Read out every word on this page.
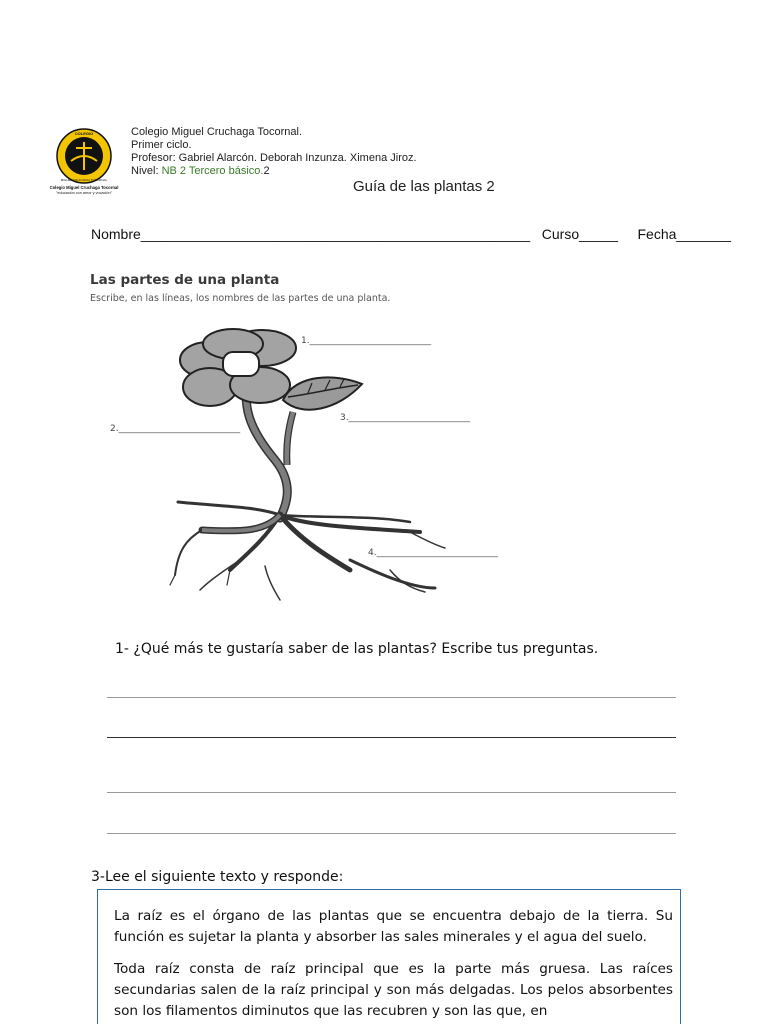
COLEGIO
MIGUEL CRUCHAGA TOCORNAL
Colegio Miguel Cruchaga Tocornal
"educación con amor y vocación"
Colegio Miguel Cruchaga Tocornal.
Primer ciclo.
Profesor: Gabriel Alarcón. Deborah Inzunza. Ximena Jiroz.
Nivel: NB 2 Tercero básico.2
Guía de las plantas 2
Nombre__________________________________________________   Curso_____     Fecha_______
Las partes de una planta
Escribe, en las líneas, los nombres de las partes de una planta.
1.___________________________
2.___________________________
3.___________________________
4.___________________________
1- ¿Qué más te gustaría saber de las plantas? Escribe tus preguntas.
3-Lee el siguiente texto y responde:

La raíz es el órgano de las plantas que se encuentra debajo de la tierra. Su función es sujetar la planta y absorber las sales minerales y el agua del suelo.

Toda raíz consta de raíz principal que es la parte más gruesa. Las raíces secundarias salen de la raíz principal y son más delgadas. Los pelos absorbentes son los filamentos diminutos que las recubren y son las que, en
